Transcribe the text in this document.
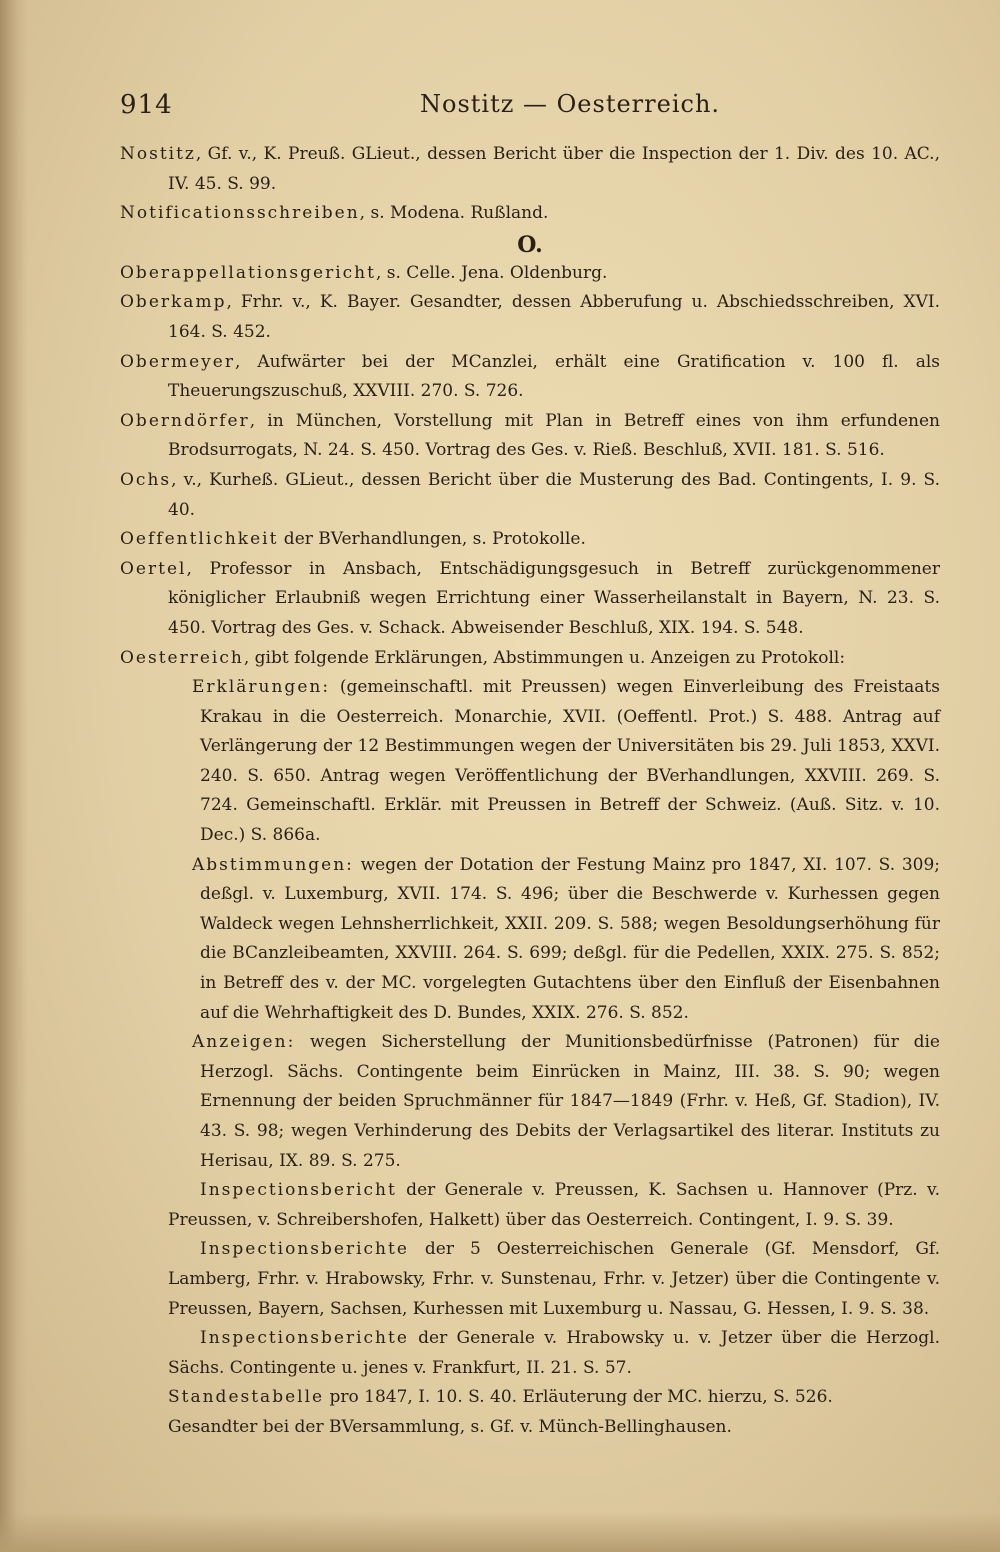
914	Nostitz — Oesterreich.

Nostitz, Gf. v., K. Preuß. GLieut., dessen Bericht über die Inspection der 1. Div. des 10. AC., IV. 45. S. 99.

Notificationsschreiben, s. Modena. Rußland.

O.

Oberappellationsgericht, s. Celle. Jena. Oldenburg.

Oberkamp, Frhr. v., K. Bayer. Gesandter, dessen Abberufung u. Abschiedsschreiben, XVI. 164. S. 452.

Obermeyer, Aufwärter bei der MCanzlei, erhält eine Gratification v. 100 fl. als Theuerungszuschuß, XXVIII. 270. S. 726.

Oberndörfer, in München, Vorstellung mit Plan in Betreff eines von ihm erfundenen Brodsurrogats, N. 24. S. 450. Vortrag des Ges. v. Rieß. Beschluß, XVII. 181. S. 516.

Ochs, v., Kurheß. GLieut., dessen Bericht über die Musterung des Bad. Contingents, I. 9. S. 40.

Oeffentlichkeit der BVerhandlungen, s. Protokolle.

Oertel, Professor in Ansbach, Entschädigungsgesuch in Betreff zurückgenommener königlicher Erlaubniß wegen Errichtung einer Wasserheilanstalt in Bayern, N. 23. S. 450. Vortrag des Ges. v. Schack. Abweisender Beschluß, XIX. 194. S. 548.

Oesterreich, gibt folgende Erklärungen, Abstimmungen u. Anzeigen zu Protokoll:

Erklärungen: (gemeinschaftl. mit Preussen) wegen Einverleibung des Freistaats Krakau in die Oesterreich. Monarchie, XVII. (Oeffentl. Prot.) S. 488. Antrag auf Verlängerung der 12 Bestimmungen wegen der Universitäten bis 29. Juli 1853, XXVI. 240. S. 650. Antrag wegen Veröffentlichung der BVerhandlungen, XXVIII. 269. S. 724. Gemeinschaftl. Erklär. mit Preussen in Betreff der Schweiz. (Auß. Sitz. v. 10. Dec.) S. 866a.

Abstimmungen: wegen der Dotation der Festung Mainz pro 1847, XI. 107. S. 309; deßgl. v. Luxemburg, XVII. 174. S. 496; über die Beschwerde v. Kurhessen gegen Waldeck wegen Lehnsherrlichkeit, XXII. 209. S. 588; wegen Besoldungserhöhung für die BCanzleibeamten, XXVIII. 264. S. 699; deßgl. für die Pedellen, XXIX. 275. S. 852; in Betreff des v. der MC. vorgelegten Gutachtens über den Einfluß der Eisenbahnen auf die Wehrhaftigkeit des D. Bundes, XXIX. 276. S. 852.

Anzeigen: wegen Sicherstellung der Munitionsbedürfnisse (Patronen) für die Herzogl. Sächs. Contingente beim Einrücken in Mainz, III. 38. S. 90; wegen Ernennung der beiden Spruchmänner für 1847—1849 (Frhr. v. Heß, Gf. Stadion), IV. 43. S. 98; wegen Verhinderung des Debits der Verlagsartikel des literar. Instituts zu Herisau, IX. 89. S. 275.

Inspectionsbericht der Generale v. Preussen, K. Sachsen u. Hannover (Prz. v. Preussen, v. Schreibershofen, Halkett) über das Oesterreich. Contingent, I. 9. S. 39.

Inspectionsberichte der 5 Oesterreichischen Generale (Gf. Mensdorf, Gf. Lamberg, Frhr. v. Hrabowsky, Frhr. v. Sunstenau, Frhr. v. Jetzer) über die Contingente v. Preussen, Bayern, Sachsen, Kurhessen mit Luxemburg u. Nassau, G. Hessen, I. 9. S. 38.

Inspectionsberichte der Generale v. Hrabowsky u. v. Jetzer über die Herzogl. Sächs. Contingente u. jenes v. Frankfurt, II. 21. S. 57.

Standestabelle pro 1847, I. 10. S. 40. Erläuterung der MC. hierzu, S. 526.

Gesandter bei der BVersammlung, s. Gf. v. Münch-Bellinghausen.
